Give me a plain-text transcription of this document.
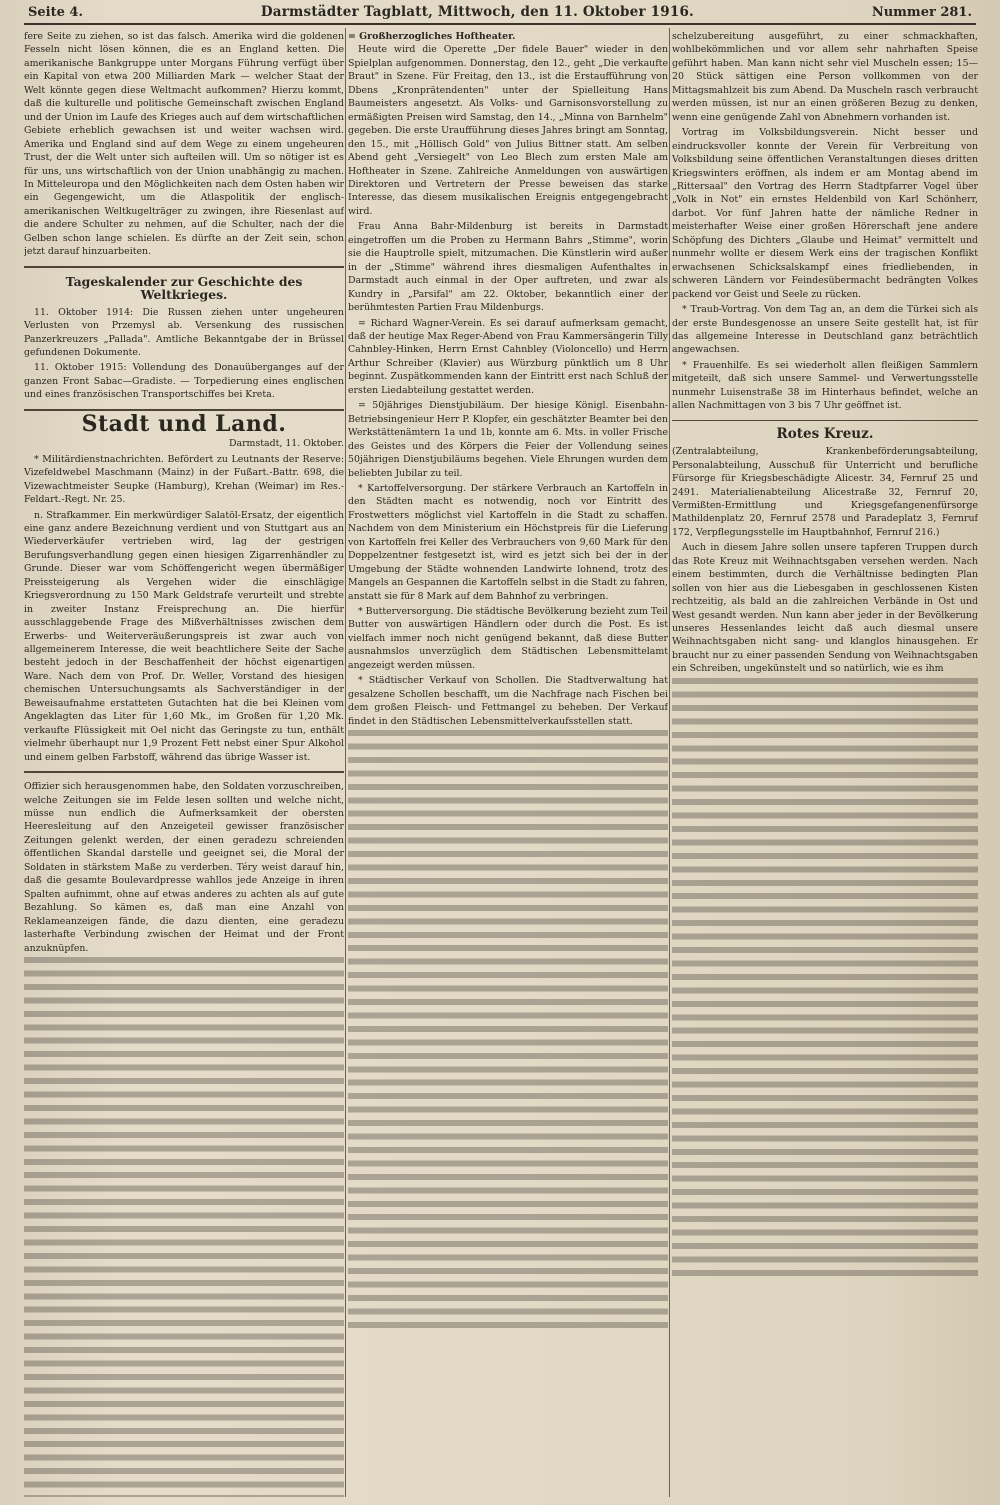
Seite 4.	Darmstädter Tagblatt, Mittwoch, den 11. Oktober 1916.	Nummer 281.

fere Seite zu ziehen, so ist das falsch. Amerika wird die goldenen Fesseln nicht lösen können, die es an England ketten. Die amerikanische Bankgruppe unter Morgans Führung verfügt über ein Kapital von etwa 200 Milliarden Mark — welcher Staat der Welt könnte gegen diese Weltmacht aufkommen? Hierzu kommt, daß die kulturelle und politische Gemeinschaft zwischen England und der Union im Laufe des Krieges auch auf dem wirtschaftlichen Gebiete erheblich gewachsen ist und weiter wachsen wird. Amerika und England sind auf dem Wege zu einem ungeheuren Trust, der die Welt unter sich aufteilen will. Um so nötiger ist es für uns, uns wirtschaftlich von der Union unabhängig zu machen. In Mitteleuropa und den Möglichkeiten nach dem Osten haben wir ein Gegengewicht, um die Atlaspolitik der englisch-amerikanischen Weltkugelträger zu zwingen, ihre Riesenlast auf die andere Schulter zu nehmen, auf die Schulter, nach der die Gelben schon lange schielen. Es dürfte an der Zeit sein, schon jetzt darauf hinzuarbeiten.

Tageskalender zur Geschichte des Weltkrieges.

11. Oktober 1914: Die Russen ziehen unter ungeheuren Verlusten von Przemysl ab. Versenkung des russischen Panzerkreuzers „Pallada". Amtliche Bekanntgabe der in Brüssel gefundenen Dokumente.

11. Oktober 1915: Vollendung des Donauüberganges auf der ganzen Front Sabac—Gradiste. — Torpedierung eines englischen und eines französischen Transportschiffes bei Kreta.

Stadt und Land.
Darmstadt, 11. Oktober.

* Militärdienstnachrichten. Befördert zu Leutnants der Reserve: Vizefeldwebel Maschmann (Mainz) in der Fußart.-Battr. 698, die Vizewachtmeister Seupke (Hamburg), Krehan (Weimar) im Res.-Feldart.-Regt. Nr. 25.

n. Strafkammer. Ein merkwürdiger Salatöl-Ersatz, der eigentlich eine ganz andere Bezeichnung verdient und von Stuttgart aus an Wiederverkäufer vertrieben wird, lag der gestrigen Berufungsverhandlung gegen einen hiesigen Zigarrenhändler zu Grunde. Dieser war vom Schöffengericht wegen übermäßiger Preissteigerung als Vergehen wider die einschlägige Kriegsverordnung zu 150 Mark Geldstrafe verurteilt und strebte in zweiter Instanz Freisprechung an. Die hierfür ausschlaggebende Frage des Mißverhältnisses zwischen dem Erwerbs- und Weiterveräußerungspreis ist zwar auch von allgemeinerem Interesse, die weit beachtlichere Seite der Sache besteht jedoch in der Beschaffenheit der höchst eigenartigen Ware. Nach dem von Prof. Dr. Weller, Vorstand des hiesigen chemischen Untersuchungsamts als Sachverständiger in der Beweisaufnahme erstatteten Gutachten hat die bei Kleinen vom Angeklagten das Liter für 1,60 Mk., im Großen für 1,20 Mk. verkaufte Flüssigkeit mit Oel nicht das Geringste zu tun, enthält vielmehr überhaupt nur 1,9 Prozent Fett nebst einer Spur Alkohol und einem gelben Farbstoff, während das übrige Wasser ist.

Offizier sich herausgenommen habe, den Soldaten vorzuschreiben, welche Zeitungen sie im Felde lesen sollten und welche nicht, müsse nun endlich die Aufmerksamkeit der obersten Heeresleitung auf den Anzeigeteil gewisser französischer Zeitungen gelenkt werden, der einen geradezu schreienden öffentlichen Skandal darstelle und geeignet sei, die Moral der Soldaten in stärkstem Maße zu verderben. Téry weist darauf hin, daß die gesamte Boulevardpresse wahllos jede Anzeige in ihren Spalten aufnimmt, ohne auf etwas anderes zu achten als auf gute Bezahlung. So kämen es, daß man eine Anzahl von Reklameanzeigen fände, die dazu dienten, eine geradezu lasterhafte Verbindung zwischen der Heimat und der Front anzuknüpfen.

= Großherzogliches Hoftheater.

Heute wird die Operette „Der fidele Bauer" wieder in den Spielplan aufgenommen. Donnerstag, den 12., geht „Die verkaufte Braut" in Szene. Für Freitag, den 13., ist die Erstaufführung von Dbens „Kronprätendenten" unter der Spielleitung Hans Baumeisters angesetzt. Als Volks- und Garnisonsvorstellung zu ermäßigten Preisen wird Samstag, den 14., „Minna von Barnhelm" gegeben. Die erste Uraufführung dieses Jahres bringt am Sonntag, den 15., mit „Höllisch Gold" von Julius Bittner statt. Am selben Abend geht „Versiegelt" von Leo Blech zum ersten Male am Hoftheater in Szene. Zahlreiche Anmeldungen von auswärtigen Direktoren und Vertretern der Presse beweisen das starke Interesse, das diesem musikalischen Ereignis entgegengebracht wird.

Frau Anna Bahr-Mildenburg ist bereits in Darmstadt eingetroffen um die Proben zu Hermann Bahrs „Stimme", worin sie die Hauptrolle spielt, mitzumachen. Die Künstlerin wird außer in der „Stimme" während ihres diesmaligen Aufenthaltes in Darmstadt auch einmal in der Oper auftreten, und zwar als Kundry in „Parsifal" am 22. Oktober, bekanntlich einer der berühmtesten Partien Frau Mildenburgs.

= Richard Wagner-Verein. Es sei darauf aufmerksam gemacht, daß der heutige Max Reger-Abend von Frau Kammersängerin Tilly Cahnbley-Hinken, Herrn Ernst Cahnbley (Violoncello) und Herrn Arthur Schreiber (Klavier) aus Würzburg pünktlich um 8 Uhr beginnt. Zuspätkommenden kann der Eintritt erst nach Schluß der ersten Liedabteilung gestattet werden.

= 50jähriges Dienstjubiläum. Der hiesige Königl. Eisenbahn-Betriebsingenieur Herr P. Klopfer, ein geschätzter Beamter bei den Werkstättenämtern 1a und 1b, konnte am 6. Mts. in voller Frische des Geistes und des Körpers die Feier der Vollendung seines 50jährigen Dienstjubiläums begehen. Viele Ehrungen wurden dem beliebten Jubilar zu teil.

* Kartoffelversorgung. Der stärkere Verbrauch an Kartoffeln in den Städten macht es notwendig, noch vor Eintritt des Frostwetters möglichst viel Kartoffeln in die Stadt zu schaffen. Nachdem von dem Ministerium ein Höchstpreis für die Lieferung von Kartoffeln frei Keller des Verbrauchers von 9,60 Mark für den Doppelzentner festgesetzt ist, wird es jetzt sich bei der in der Umgebung der Städte wohnenden Landwirte lohnend, trotz des Mangels an Gespannen die Kartoffeln selbst in die Stadt zu fahren, anstatt sie für 8 Mark auf dem Bahnhof zu verbringen.

* Butterversorgung. Die städtische Bevölkerung bezieht zum Teil Butter von auswärtigen Händlern oder durch die Post. Es ist vielfach immer noch nicht genügend bekannt, daß diese Butter ausnahmslos unverzüglich dem Städtischen Lebensmittelamt angezeigt werden müssen.

* Städtischer Verkauf von Schollen. Die Stadtverwaltung hat gesalzene Schollen beschafft, um die Nachfrage nach Fischen bei dem großen Fleisch- und Fettmangel zu beheben. Der Verkauf findet in den Städtischen Lebensmittelverkaufsstellen statt.

schelzubereitung ausgeführt, zu einer schmackhaften, wohlbekömmlichen und vor allem sehr nahrhaften Speise geführt haben. Man kann nicht sehr viel Muscheln essen; 15—20 Stück sättigen eine Person vollkommen von der Mittagsmahlzeit bis zum Abend. Da Muscheln rasch verbraucht werden müssen, ist nur an einen größeren Bezug zu denken, wenn eine genügende Zahl von Abnehmern vorhanden ist.

Vortrag im Volksbildungsverein. Nicht besser und eindrucksvoller konnte der Verein für Verbreitung von Volksbildung seine öffentlichen Veranstaltungen dieses dritten Kriegswinters eröffnen, als indem er am Montag abend im „Rittersaal" den Vortrag des Herrn Stadtpfarrer Vogel über „Volk in Not" ein ernstes Heldenbild von Karl Schönherr, darbot. Vor fünf Jahren hatte der nämliche Redner in meisterhafter Weise einer großen Hörerschaft jene andere Schöpfung des Dichters „Glaube und Heimat" vermittelt und nunmehr wollte er diesem Werk eins der tragischen Konflikt erwachsenen Schicksalskampf eines friedliebenden, in schweren Ländern vor Feindesübermacht bedrängten Volkes packend vor Geist und Seele zu rücken.

* Traub-Vortrag. Von dem Tag an, an dem die Türkei sich als der erste Bundesgenosse an unsere Seite gestellt hat, ist für das allgemeine Interesse in Deutschland ganz beträchtlich angewachsen.

* Frauenhilfe. Es sei wiederholt allen fleißigen Sammlern mitgeteilt, daß sich unsere Sammel- und Verwertungsstelle nunmehr Luisenstraße 38 im Hinterhaus befindet, welche an allen Nachmittagen von 3 bis 7 Uhr geöffnet ist.

Rotes Kreuz.

(Zentralabteilung, Krankenbeförderungsabteilung, Personalabteilung, Ausschuß für Unterricht und berufliche Fürsorge für Kriegsbeschädigte Alicestr. 34, Fernruf 25 und 2491. Materialienabteilung Alicestraße 32, Fernruf 20, Vermißten-Ermittlung und Kriegsgefangenenfürsorge Mathildenplatz 20, Fernruf 2578 und Paradeplatz 3, Fernruf 172, Verpflegungsstelle im Hauptbahnhof, Fernruf 216.)

Auch in diesem Jahre sollen unsere tapferen Truppen durch das Rote Kreuz mit Weihnachtsgaben versehen werden. Nach einem bestimmten, durch die Verhältnisse bedingten Plan sollen von hier aus die Liebesgaben in geschlossenen Kisten rechtzeitig, als bald an die zahlreichen Verbände in Ost und West gesandt werden. Nun kann aber jeder in der Bevölkerung unseres Hessenlandes leicht daß auch diesmal unsere Weihnachtsgaben nicht sang- und klanglos hinausgehen. Er braucht nur zu einer passenden Sendung von Weihnachtsgaben ein Schreiben, ungekünstelt und so natürlich, wie es ihm
